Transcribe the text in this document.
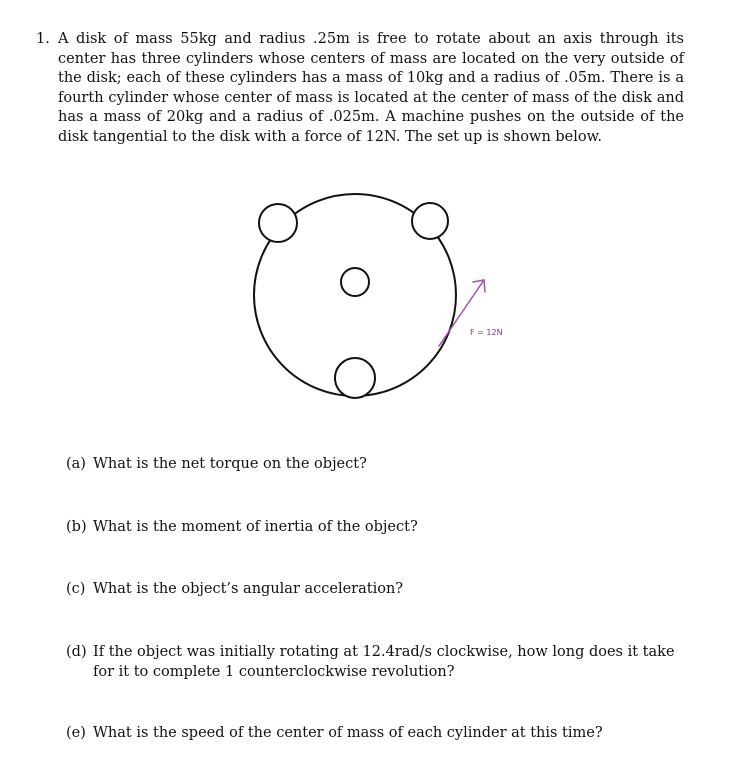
1. A disk of mass 55kg and radius .25m is free to rotate about an axis through its center has three cylinders whose centers of mass are located on the very outside of the disk; each of these cylinders has a mass of 10kg and a radius of .05m. There is a fourth cylinder whose center of mass is located at the center of mass of the disk and has a mass of 20kg and a radius of .025m. A machine pushes on the outside of the disk tangential to the disk with a force of 12N. The set up is shown below.
F = 12N
(a) What is the net torque on the object?
(b) What is the moment of inertia of the object?
(c) What is the object’s angular acceleration?
(d) If the object was initially rotating at 12.4rad/s clockwise, how long does it take for it to complete 1 counterclockwise revolution?
(e) What is the speed of the center of mass of each cylinder at this time?
